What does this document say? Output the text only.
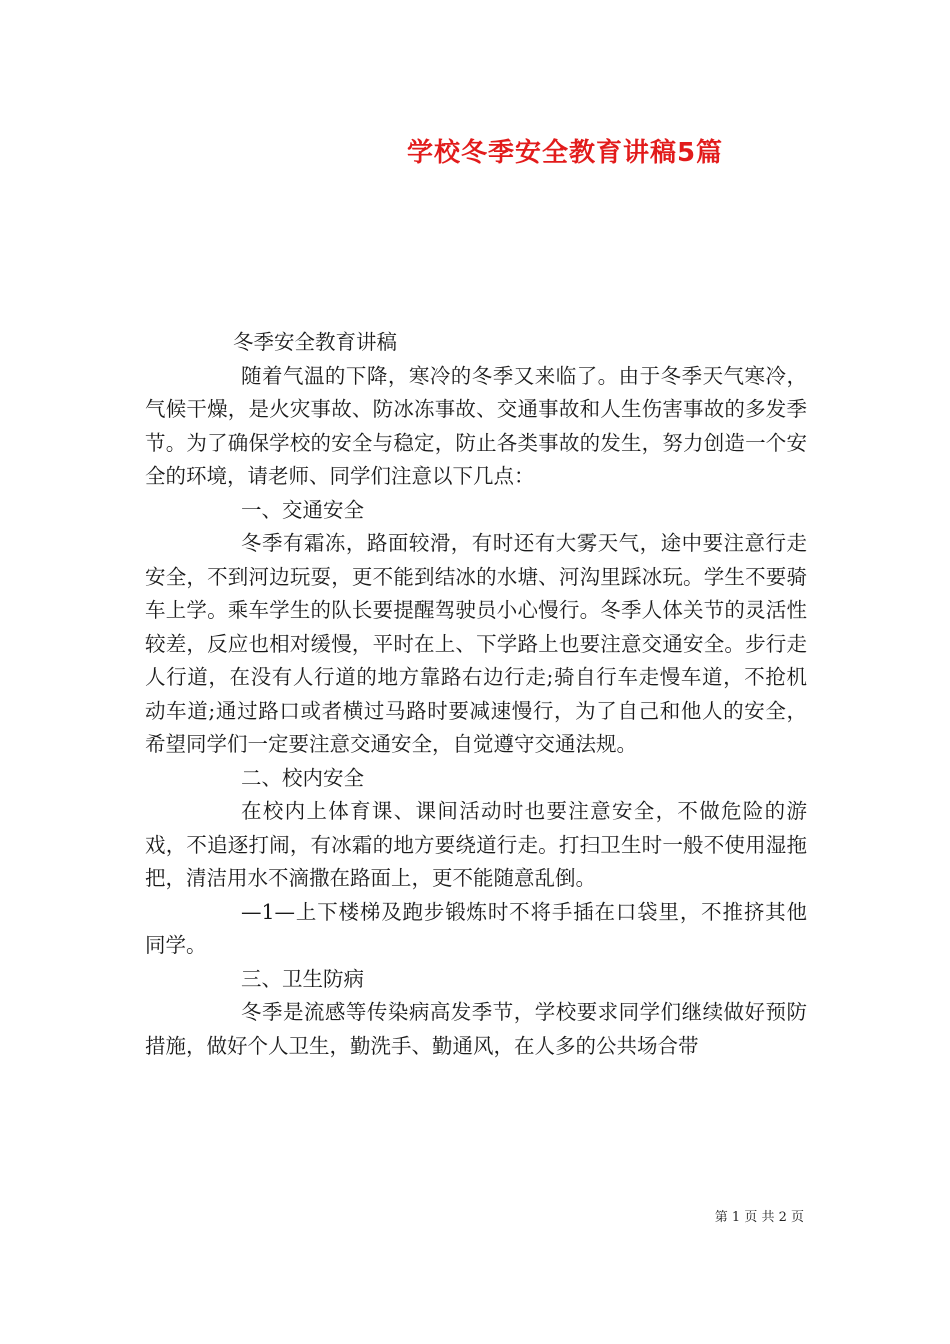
学校冬季安全教育讲稿5篇

冬季安全教育讲稿

随着气温的下降，寒冷的冬季又来临了。由于冬季天气寒冷，气候干燥，是火灾事故、防冰冻事故、交通事故和人生伤害事故的多发季节。为了确保学校的安全与稳定，防止各类事故的发生，努力创造一个安全的环境，请老师、同学们注意以下几点：

一、交通安全

冬季有霜冻，路面较滑，有时还有大雾天气，途中要注意行走安全，不到河边玩耍，更不能到结冰的水塘、河沟里踩冰玩。学生不要骑车上学。乘车学生的队长要提醒驾驶员小心慢行。冬季人体关节的灵活性较差，反应也相对缓慢，平时在上、下学路上也要注意交通安全。步行走人行道，在没有人行道的地方靠路右边行走;骑自行车走慢车道，不抢机动车道;通过路口或者横过马路时要减速慢行，为了自己和他人的安全，希望同学们一定要注意交通安全，自觉遵守交通法规。

二、校内安全

在校内上体育课、课间活动时也要注意安全，不做危险的游戏，不追逐打闹，有冰霜的地方要绕道行走。打扫卫生时一般不使用湿拖把，清洁用水不滴撒在路面上，更不能随意乱倒。

—1—上下楼梯及跑步锻炼时不将手插在口袋里，不推挤其他同学。

三、卫生防病

冬季是流感等传染病高发季节，学校要求同学们继续做好预防措施，做好个人卫生，勤洗手、勤通风，在人多的公共场合带

第 1 页 共 2 页
